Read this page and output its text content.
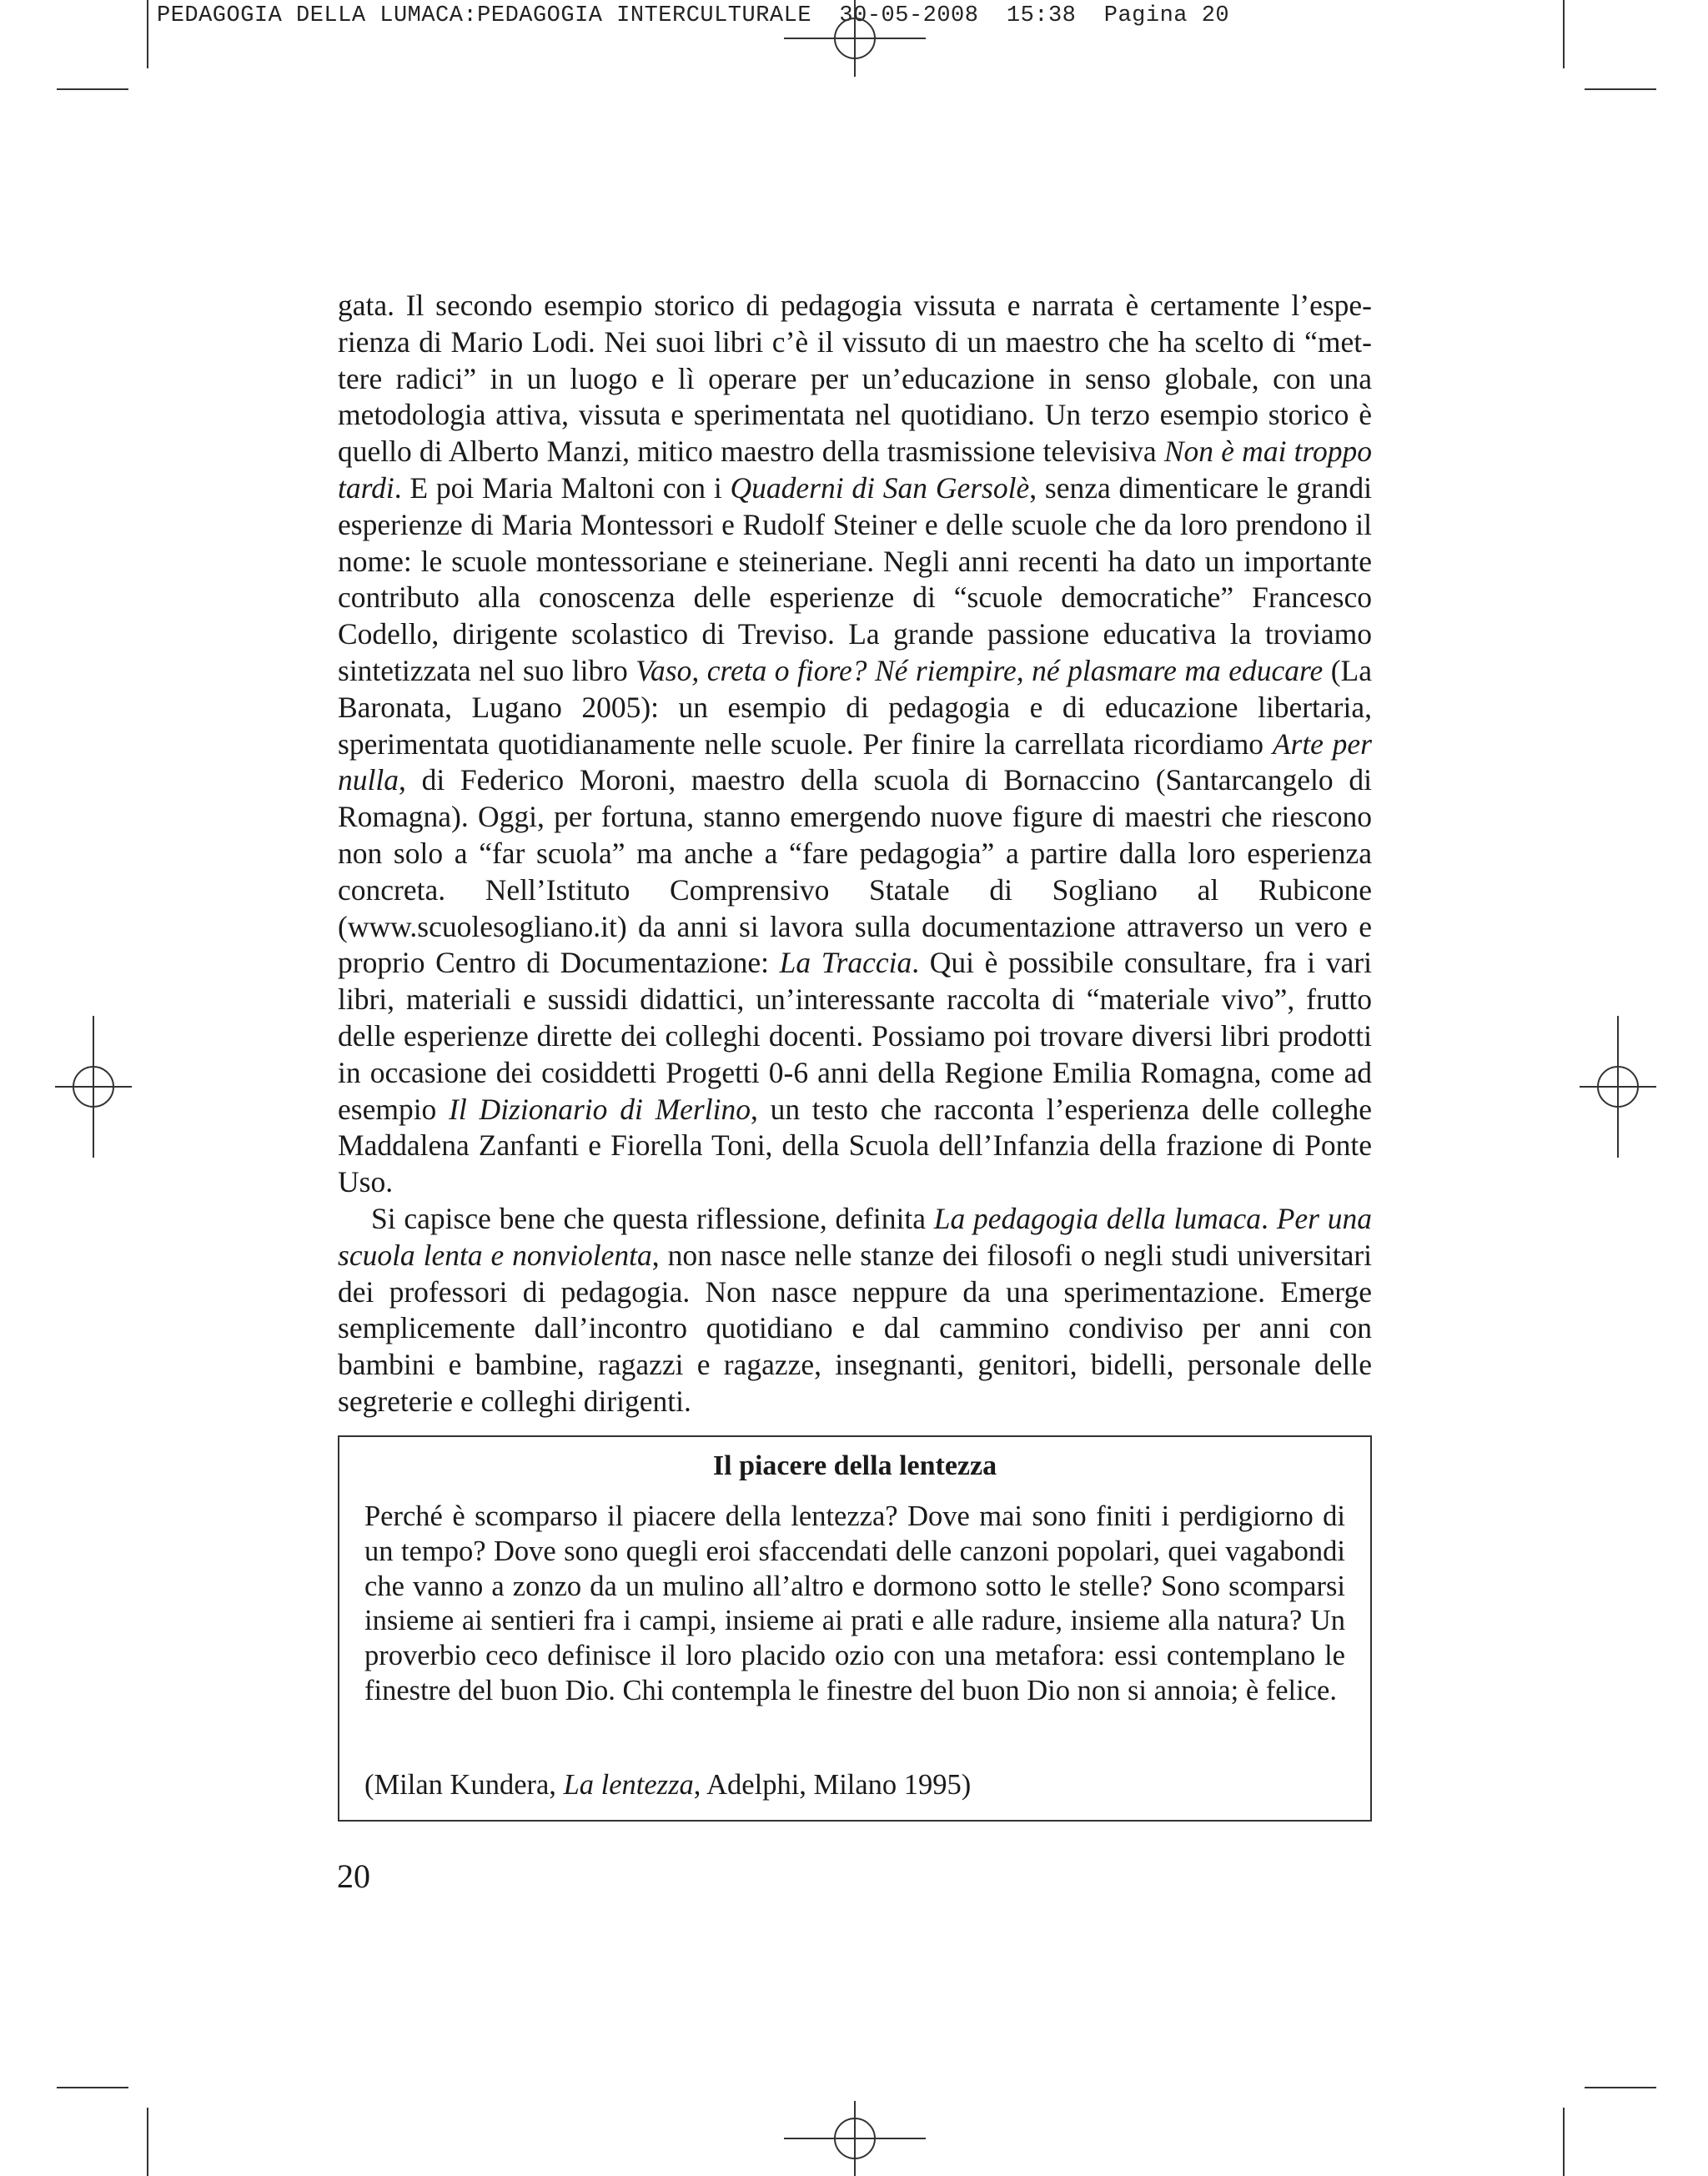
PEDAGOGIA DELLA LUMACA:PEDAGOGIA INTERCULTURALE  30-05-2008  15:38  Pagina 20

gata. Il secondo esempio storico di pedagogia vissuta e narrata è certamente l’esperienza di Mario Lodi. Nei suoi libri c’è il vissuto di un maestro che ha scelto di “mettere radici” in un luogo e lì operare per un’educazione in senso globale, con una metodologia attiva, vissuta e sperimentata nel quotidiano. Un terzo esempio storico è quello di Alberto Manzi, mitico maestro della trasmissione televisiva Non è mai troppo tardi. E poi Maria Maltoni con i Quaderni di San Gersolè, senza dimenticare le grandi esperienze di Maria Montessori e Rudolf Steiner e delle scuole che da loro prendono il nome: le scuole montessoriane e steineriane. Negli anni recenti ha dato un importante contributo alla conoscenza delle esperienze di “scuole democratiche” Francesco Codello, dirigente scolastico di Treviso. La grande passione educativa la troviamo sintetizzata nel suo libro Vaso, creta o fiore? Né riempire, né plasmare ma educare (La Baronata, Lugano 2005): un esempio di pedagogia e di educazione libertaria, sperimentata quotidianamente nelle scuole. Per finire la carrellata ricordiamo Arte per nulla, di Federico Moroni, maestro della scuola di Bornaccino (Santarcangelo di Romagna). Oggi, per fortuna, stanno emergendo nuove figure di maestri che riescono non solo a “far scuola” ma anche a “fare pedagogia” a partire dalla loro esperienza concreta. Nell’Istituto Comprensivo Statale di Sogliano al Rubicone (www.scuolesogliano.it) da anni si lavora sulla documentazione attraverso un vero e proprio Centro di Documentazione: La Traccia. Qui è possibile consultare, fra i vari libri, materiali e sussidi didattici, un’interessante raccolta di “materiale vivo”, frutto delle esperienze dirette dei colleghi docenti. Possiamo poi trovare diversi libri prodotti in occasione dei cosiddetti Progetti 0-6 anni della Regione Emilia Romagna, come ad esempio Il Dizionario di Merlino, un testo che racconta l’esperienza delle colleghe Maddalena Zanfanti e Fiorella Toni, della Scuola dell’Infanzia della frazione di Ponte Uso.

Si capisce bene che questa riflessione, definita La pedagogia della lumaca. Per una scuola lenta e nonviolenta, non nasce nelle stanze dei filosofi o negli studi universitari dei professori di pedagogia. Non nasce neppure da una sperimentazione. Emerge semplicemente dall’incontro quotidiano e dal cammino condiviso per anni con bambini e bambine, ragazzi e ragazze, insegnanti, genitori, bidelli, personale delle segreterie e colleghi dirigenti.

Il piacere della lentezza

Perché è scomparso il piacere della lentezza? Dove mai sono finiti i perdigiorno di un tempo? Dove sono quegli eroi sfaccendati delle canzoni popolari, quei vagabondi che vanno a zonzo da un mulino all’altro e dormono sotto le stelle? Sono scomparsi insieme ai sentieri fra i campi, insieme ai prati e alle radure, insieme alla natura? Un proverbio ceco definisce il loro placido ozio con una metafora: essi contemplano le finestre del buon Dio. Chi contempla le finestre del buon Dio non si annoia; è felice.

(Milan Kundera, La lentezza, Adelphi, Milano 1995)
20
